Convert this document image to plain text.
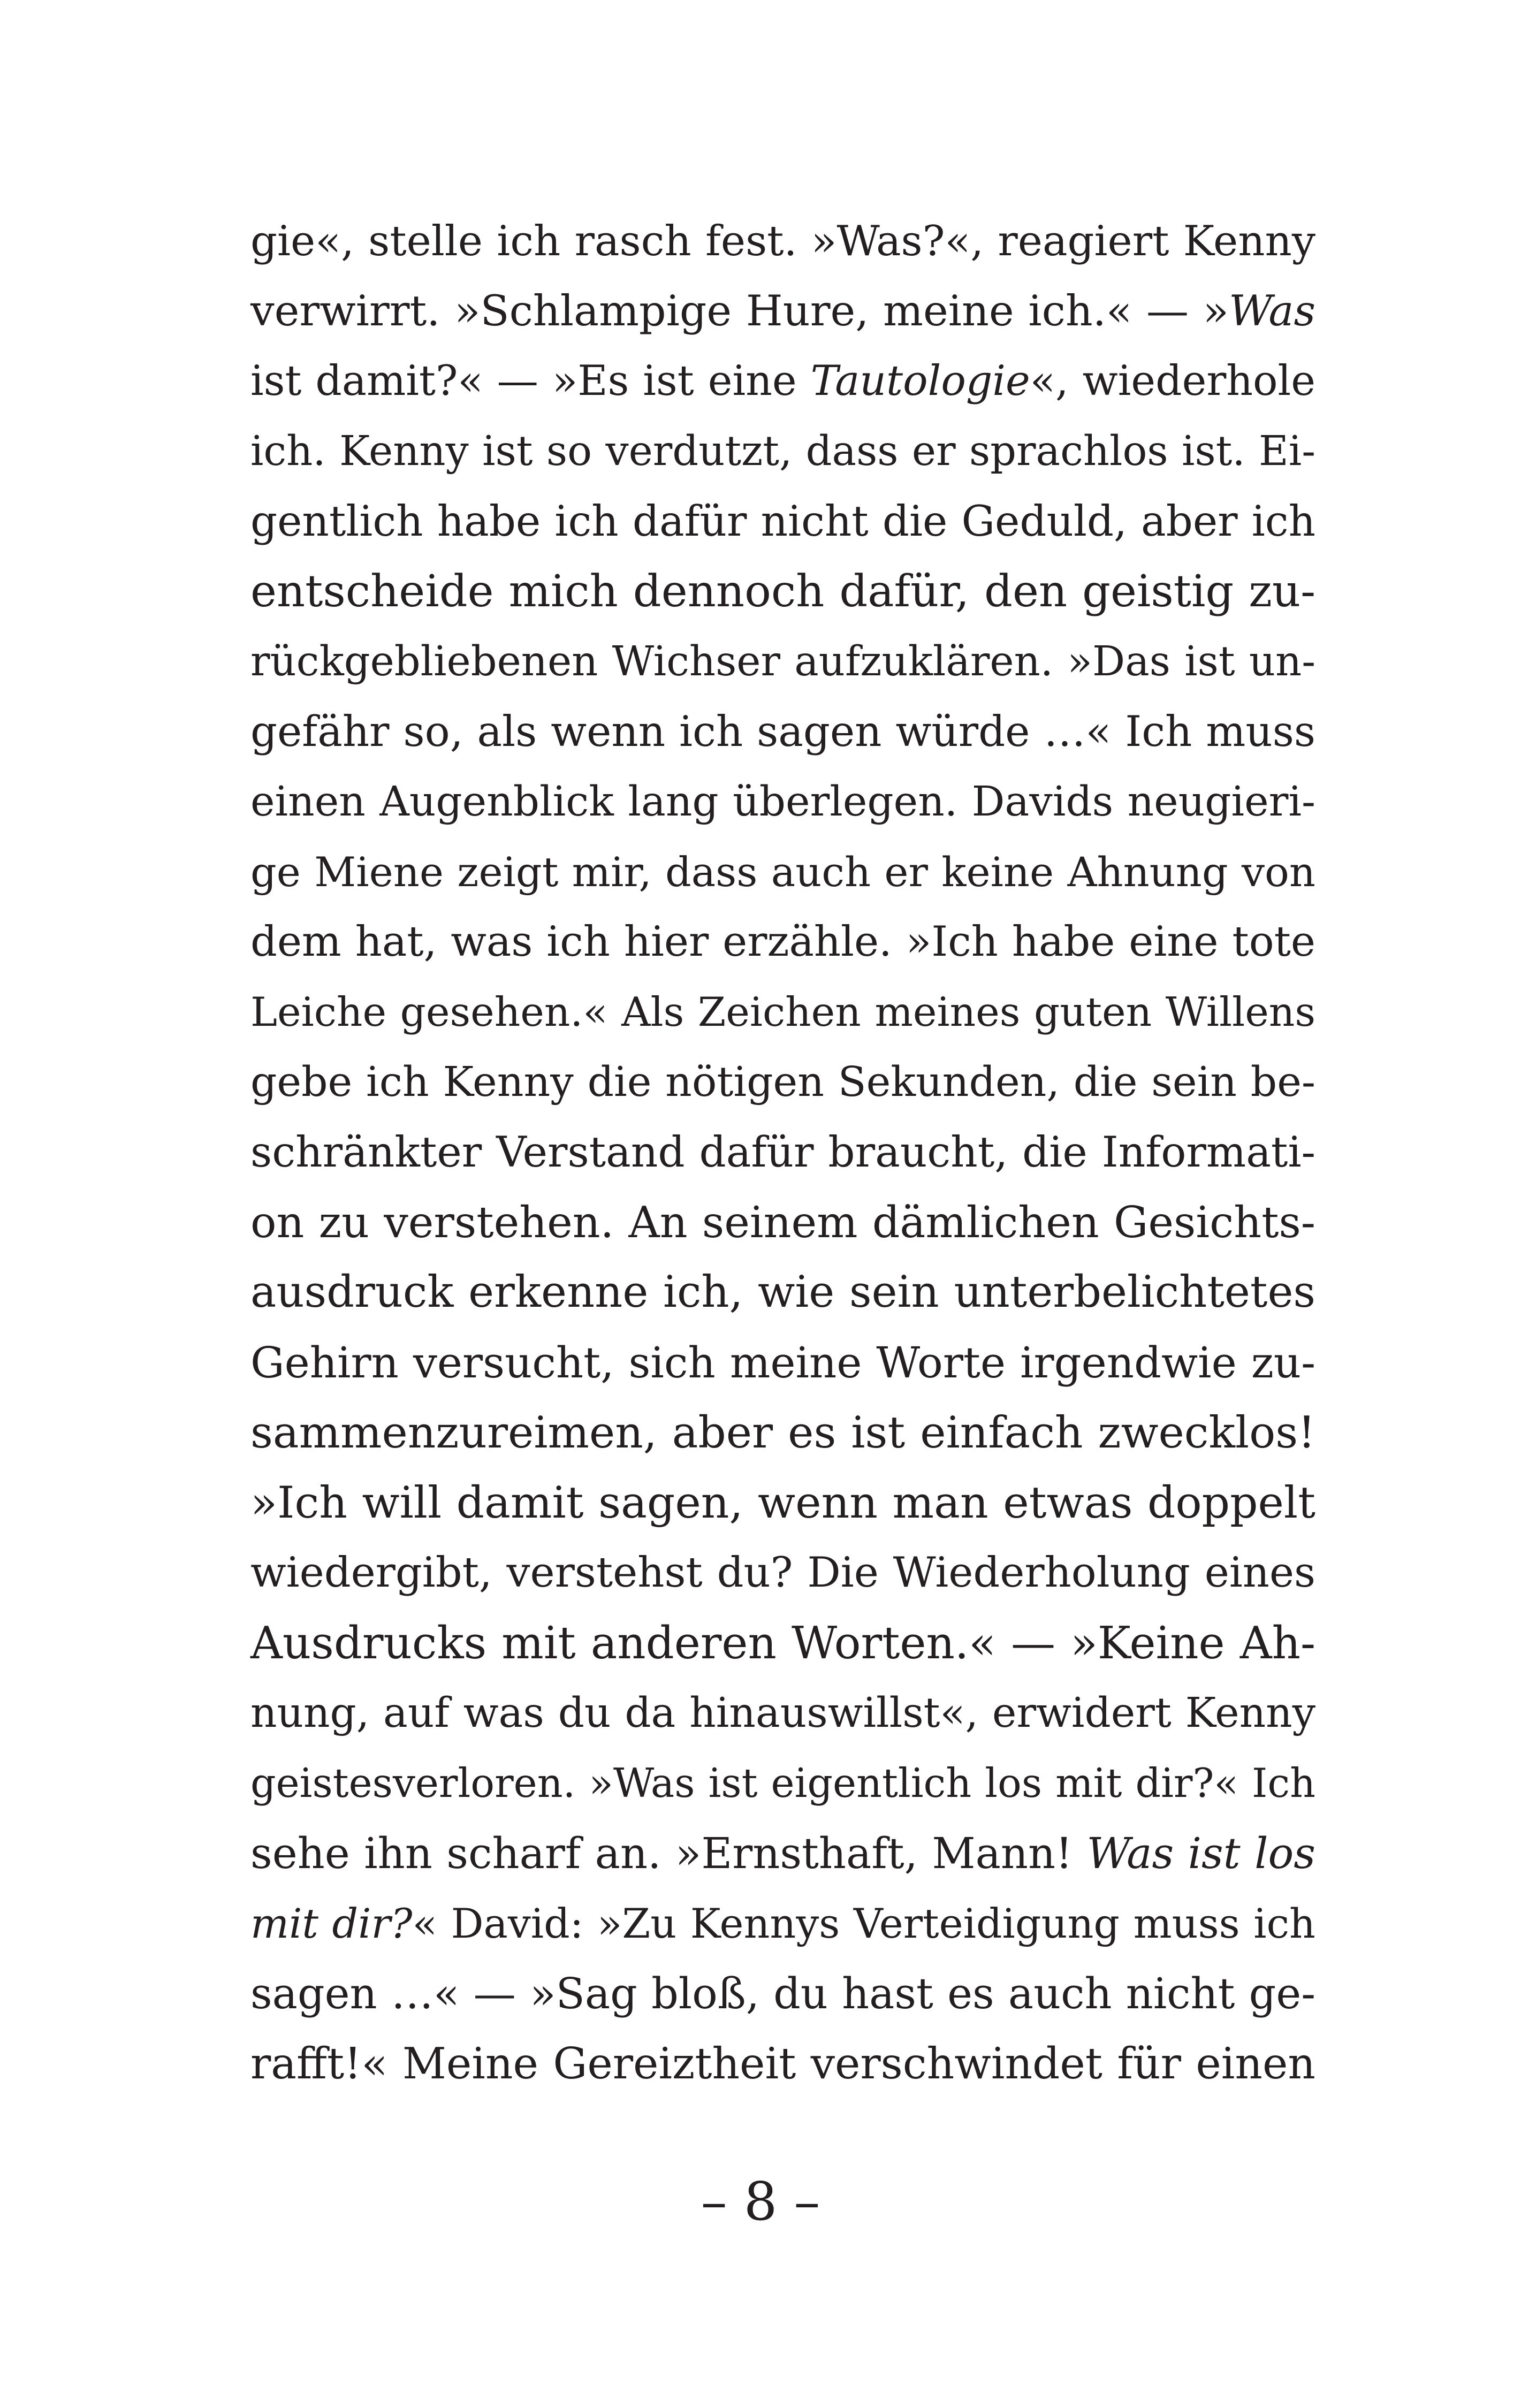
gie«, stelle ich rasch fest. »Was?«, reagiert Kenny
verwirrt. »Schlampige Hure, meine ich.« — »Was
ist damit?« — »Es ist eine Tautologie«, wiederhole
ich. Kenny ist so verdutzt, dass er sprachlos ist. Ei-
gentlich habe ich dafür nicht die Geduld, aber ich
entscheide mich dennoch dafür, den geistig zu-
rückgebliebenen Wichser aufzuklären. »Das ist un-
gefähr so, als wenn ich sagen würde …« Ich muss
einen Augenblick lang überlegen. Davids neugieri-
ge Miene zeigt mir, dass auch er keine Ahnung von
dem hat, was ich hier erzähle. »Ich habe eine tote
Leiche gesehen.« Als Zeichen meines guten Willens
gebe ich Kenny die nötigen Sekunden, die sein be-
schränkter Verstand dafür braucht, die Informati-
on zu verstehen. An seinem dämlichen Gesichts-
ausdruck erkenne ich, wie sein unterbelichtetes
Gehirn versucht, sich meine Worte irgendwie zu-
sammenzureimen, aber es ist einfach zwecklos!
»Ich will damit sagen, wenn man etwas doppelt
wiedergibt, verstehst du? Die Wiederholung eines
Ausdrucks mit anderen Worten.« — »Keine Ah-
nung, auf was du da hinauswillst«, erwidert Kenny
geistesverloren. »Was ist eigentlich los mit dir?« Ich
sehe ihn scharf an. »Ernsthaft, Mann! Was ist los
mit dir?« David: »Zu Kennys Verteidigung muss ich
sagen …« — »Sag bloß, du hast es auch nicht ge-
rafft!« Meine Gereiztheit verschwindet für einen
– 8 –
